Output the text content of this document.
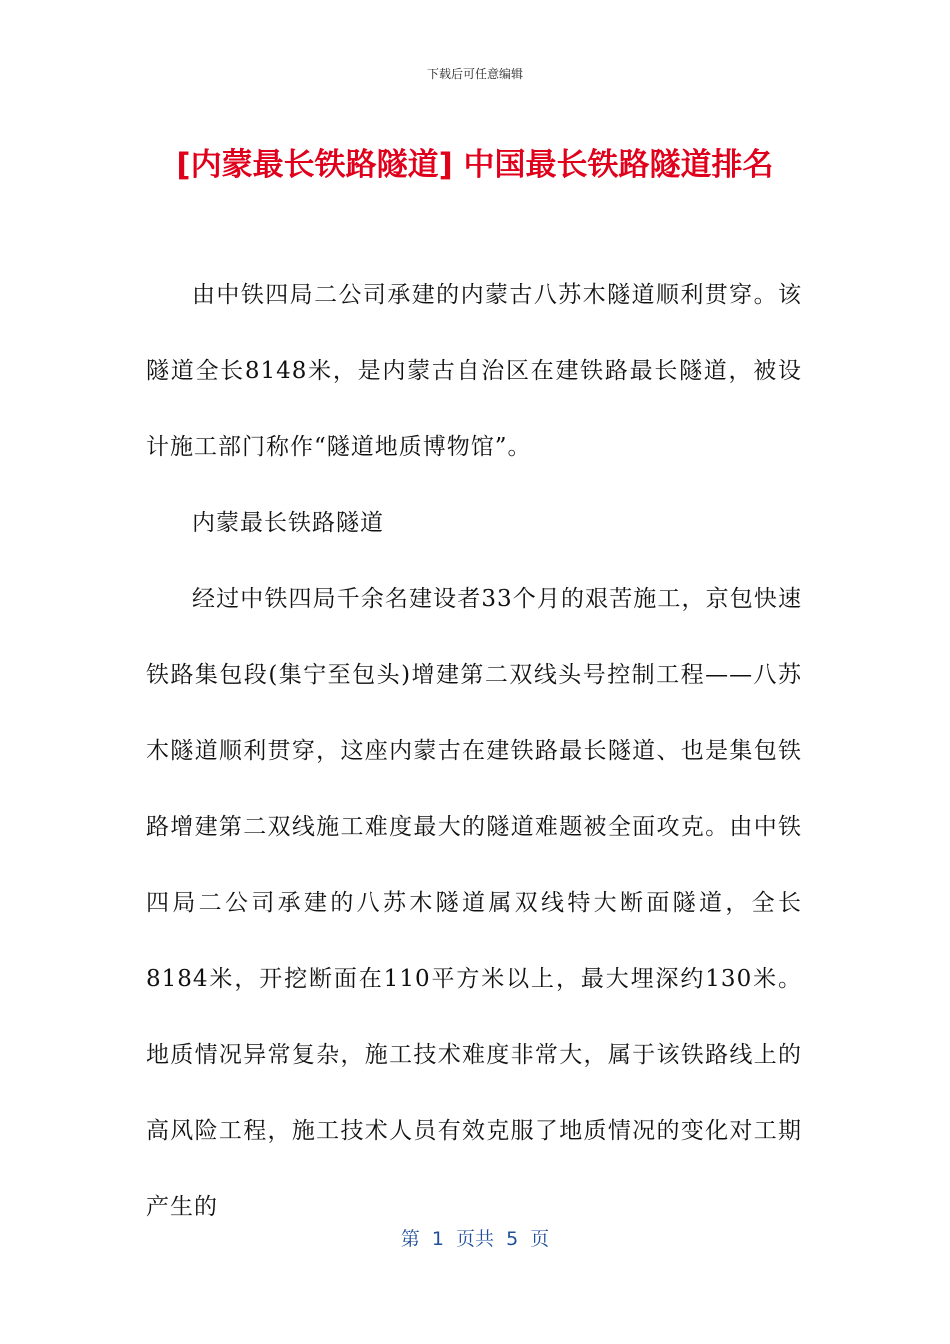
下载后可任意编辑
[内蒙最长铁路隧道] 中国最长铁路隧道排名

由中铁四局二公司承建的内蒙古八苏木隧道顺利贯穿。该隧道全长8148米，是内蒙古自治区在建铁路最长隧道，被设计施工部门称作“隧道地质博物馆”。

内蒙最长铁路隧道

经过中铁四局千余名建设者33个月的艰苦施工，京包快速铁路集包段(集宁至包头)增建第二双线头号控制工程——八苏木隧道顺利贯穿，这座内蒙古在建铁路最长隧道、也是集包铁路增建第二双线施工难度最大的隧道难题被全面攻克。由中铁四局二公司承建的八苏木隧道属双线特大断面隧道，全长8184米，开挖断面在110平方米以上，最大埋深约130米。地质情况异常复杂，施工技术难度非常大，属于该铁路线上的高风险工程，施工技术人员有效克服了地质情况的变化对工期产生的

第  1  页共  5  页
